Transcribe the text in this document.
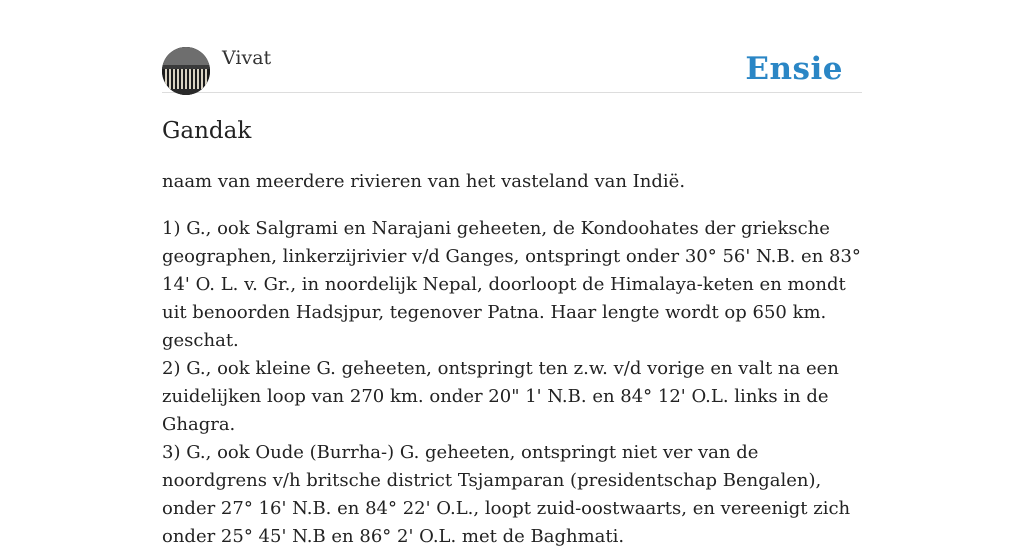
Vivat	Ensie
Gandak

naam van meerdere rivieren van het vasteland van Indië.

1) G., ook Salgrami en Narajani geheeten, de Kondoohates der grieksche geographen, linkerzijrivier v/d Ganges, ontspringt onder 30° 56' N.B. en 83° 14' O. L. v. Gr., in noordelijk Nepal, doorloopt de Himalaya-keten en mondt uit benoorden Hadsjpur, tegenover Patna. Haar lengte wordt op 650 km. geschat.
2) G., ook kleine G. geheeten, ontspringt ten z.w. v/d vorige en valt na een zuidelijken loop van 270 km. onder 20" 1' N.B. en 84° 12' O.L. links in de Ghagra.
3) G., ook Oude (Burrha-) G. geheeten, ontspringt niet ver van de noordgrens v/h britsche district Tsjamparan (presidentschap Bengalen), onder 27° 16' N.B. en 84° 22' O.L., loopt zuid-oostwaarts, en vereenigt zich onder 25° 45' N.B en 86° 2' O.L. met de Baghmati.
